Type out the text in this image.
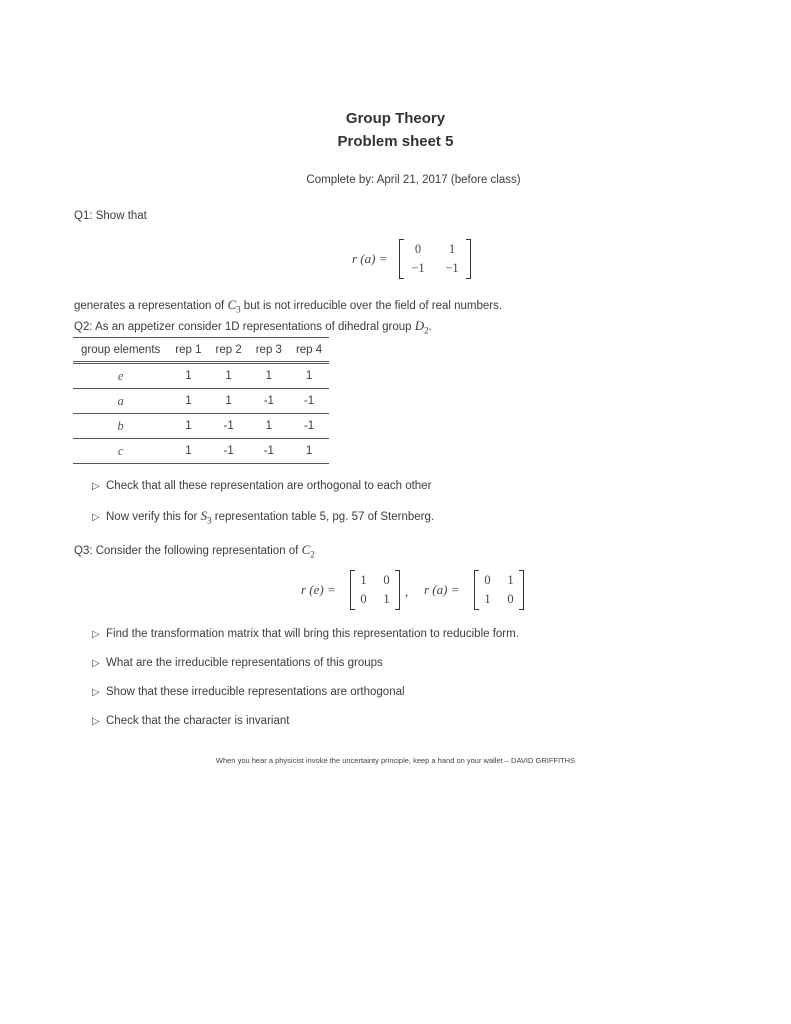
Group Theory
Problem sheet 5
Complete by: April 21, 2017 (before class)
Q1: Show that
r (a) =
0	1
−1	−1
generates a representation of $C_3$ but is not irreducible over the field of real numbers.
Q2: As an appetizer consider 1D representations of dihedral group $D_2$.
group elements	rep 1	rep 2	rep 3	rep 4
e	1	1	1	1
a	1	1	-1	-1
b	1	-1	1	-1
c	1	-1	-1	1
▷ Check that all these representation are orthogonal to each other
▷ Now verify this for $S_3$ representation table 5, pg. 57 of Sternberg.
Q3: Consider the following representation of $C_2$
r (e) =
1 0
0 1 , r (a) =
0 1
1 0
▷ Find the transformation matrix that will bring this representation to reducible form.
▷ What are the irreducible representations of this groups
▷ Show that these irreducible representations are orthogonal
▷ Check that the character is invariant
When you hear a physicist invoke the uncertainty principle, keep a hand on your wallet – DAVID GRIFFITHS
